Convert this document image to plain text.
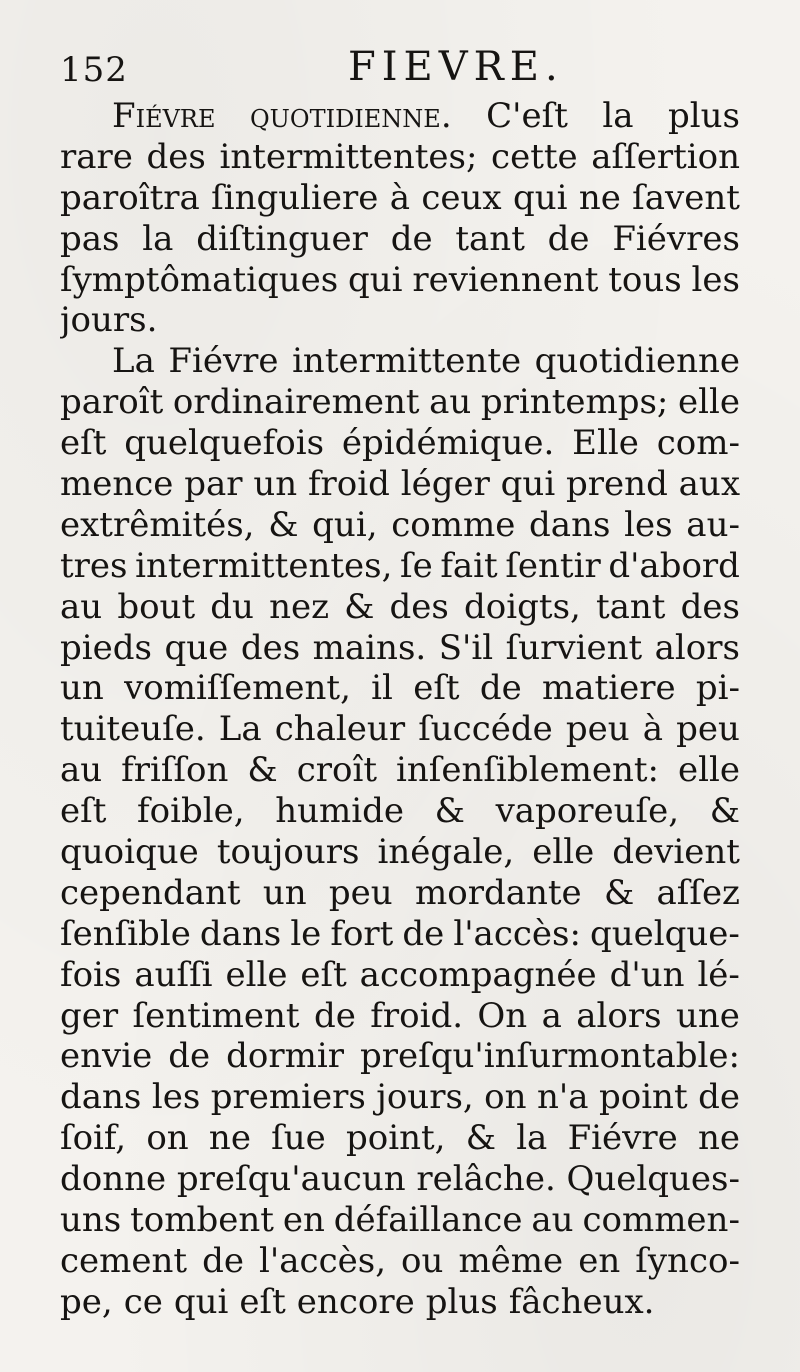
152	FIEVRE.
Fiévre quotidienne. C'eſt la plus
rare des intermittentes; cette aſſertion
paroîtra ſinguliere à ceux qui ne ſavent
pas la diſtinguer de tant de Fiévres
ſymptômatiques qui reviennent tous les
jours.
La Fiévre intermittente quotidienne
paroît ordinairement au printemps; elle
eſt quelquefois épidémique. Elle com-
mence par un froid léger qui prend aux
extrêmités, & qui, comme dans les au-
tres intermittentes, ſe fait ſentir d'abord
au bout du nez & des doigts, tant des
pieds que des mains. S'il ſurvient alors
un vomiſſement, il eſt de matiere pi-
tuiteuſe. La chaleur ſuccéde peu à peu
au friſſon & croît inſenſiblement: elle
eſt foible, humide & vaporeuſe, &
quoique toujours inégale, elle devient
cependant un peu mordante & aſſez
ſenſible dans le fort de l'accès: quelque-
fois auſſi elle eſt accompagnée d'un lé-
ger ſentiment de froid. On a alors une
envie de dormir preſqu'inſurmontable:
dans les premiers jours, on n'a point de
ſoif, on ne ſue point, & la Fiévre ne
donne preſqu'aucun relâche. Quelques-
uns tombent en défaillance au commen-
cement de l'accès, ou même en ſynco-
pe, ce qui eſt encore plus fâcheux.
